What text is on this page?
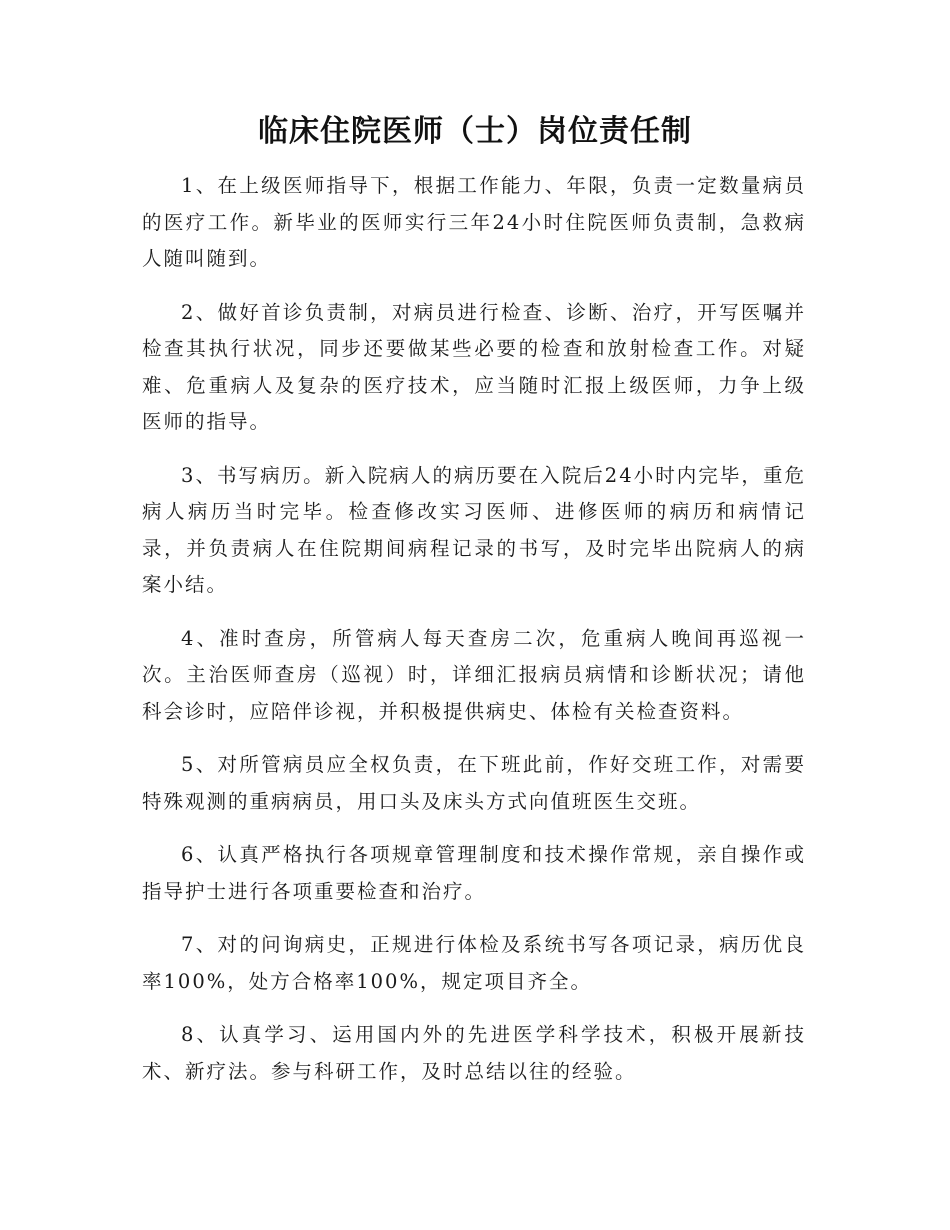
临床住院医师（士）岗位责任制

1、在上级医师指导下，根据工作能力、年限，负责一定数量病员的医疗工作。新毕业的医师实行三年24小时住院医师负责制，急救病人随叫随到。

2、做好首诊负责制，对病员进行检查、诊断、治疗，开写医嘱并检查其执行状况，同步还要做某些必要的检查和放射检查工作。对疑难、危重病人及复杂的医疗技术，应当随时汇报上级医师，力争上级医师的指导。

3、书写病历。新入院病人的病历要在入院后24小时内完毕，重危病人病历当时完毕。检查修改实习医师、进修医师的病历和病情记录，并负责病人在住院期间病程记录的书写，及时完毕出院病人的病案小结。

4、准时查房，所管病人每天查房二次，危重病人晚间再巡视一次。主治医师查房（巡视）时，详细汇报病员病情和诊断状况；请他科会诊时，应陪伴诊视，并积极提供病史、体检有关检查资料。

5、对所管病员应全权负责，在下班此前，作好交班工作，对需要特殊观测的重病病员，用口头及床头方式向值班医生交班。

6、认真严格执行各项规章管理制度和技术操作常规，亲自操作或指导护士进行各项重要检查和治疗。

7、对的问询病史，正规进行体检及系统书写各项记录，病历优良率100%，处方合格率100%，规定项目齐全。

8、认真学习、运用国内外的先进医学科学技术，积极开展新技术、新疗法。参与科研工作，及时总结以往的经验。
